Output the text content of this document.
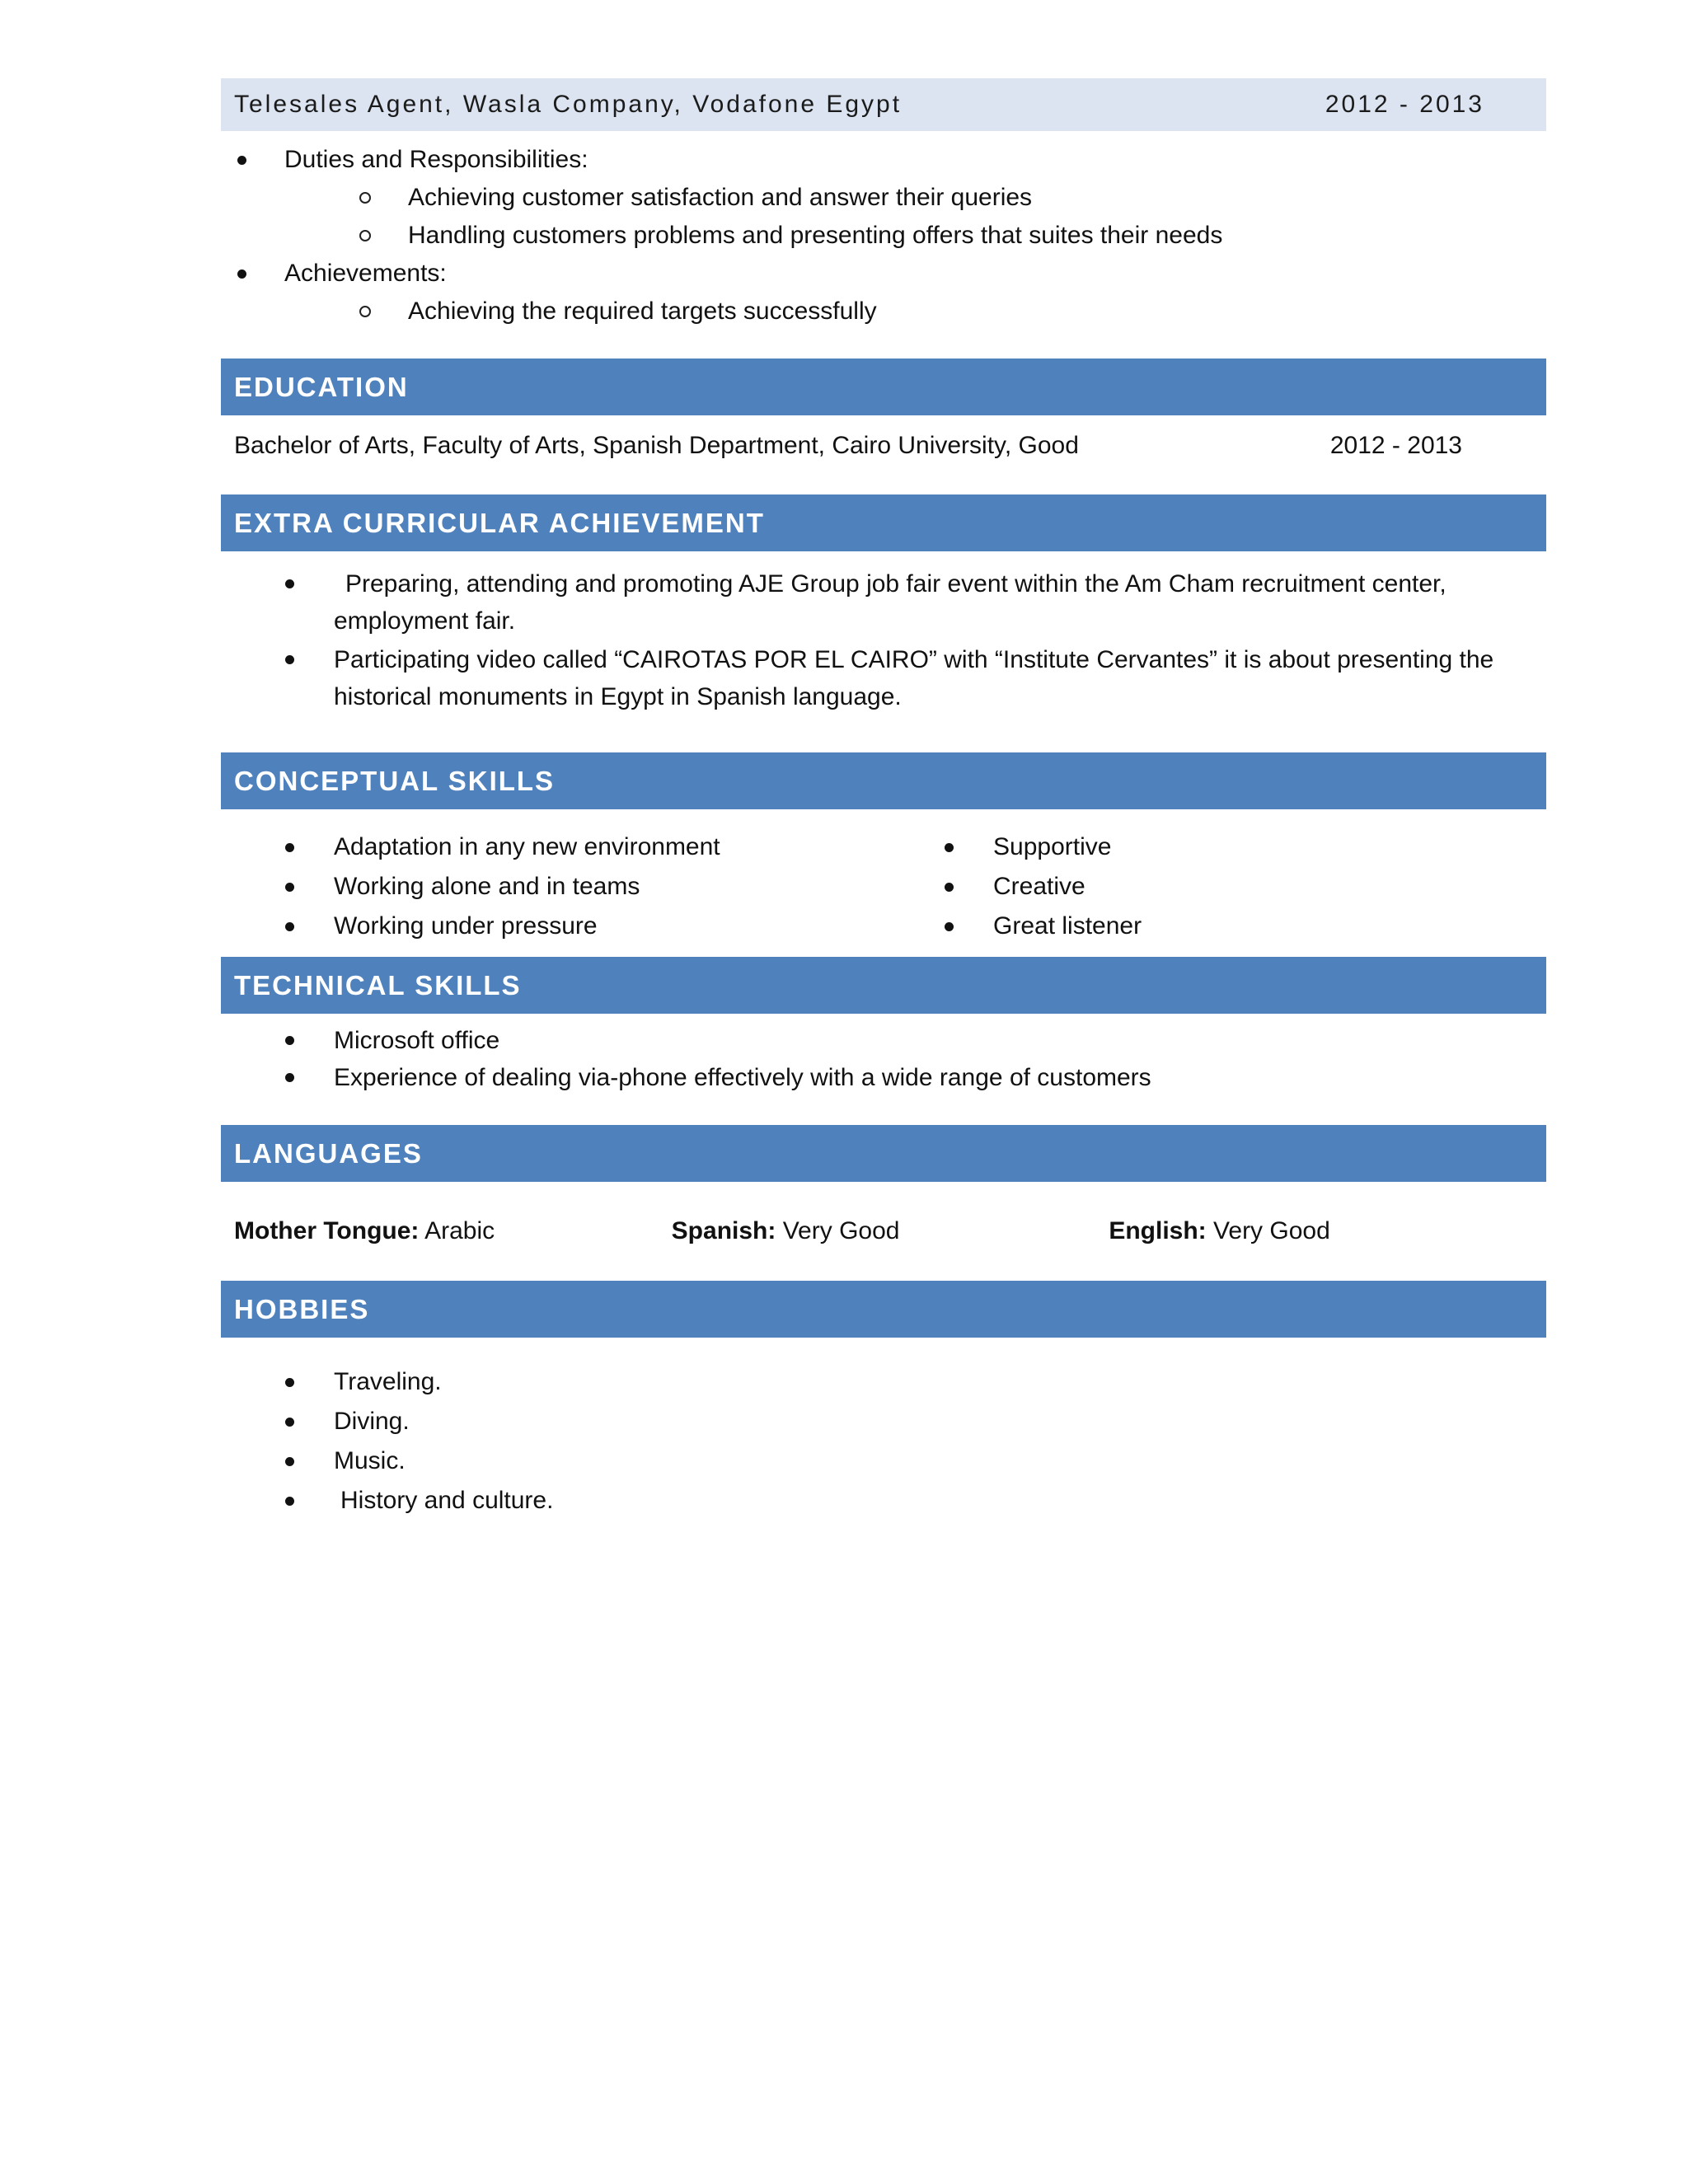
Telesales Agent, Wasla Company, Vodafone Egypt	2012 - 2013
Duties and Responsibilities:
Achieving customer satisfaction and answer their queries
Handling customers problems and presenting offers that suites their needs
Achievements:
Achieving the required targets successfully
EDUCATION
Bachelor of Arts, Faculty of Arts, Spanish Department, Cairo University, Good	2012 - 2013
EXTRA CURRICULAR ACHIEVEMENT
Preparing, attending and promoting AJE Group job fair event within the Am Cham recruitment center, employment fair.
Participating video called “CAIROTAS POR EL CAIRO” with “Institute Cervantes” it is about presenting the historical monuments in Egypt in Spanish language.
CONCEPTUAL SKILLS
Adaptation in any new environment
Working alone and in teams
Working under pressure
Supportive
Creative
Great listener
TECHNICAL SKILLS
Microsoft office
Experience of dealing via-phone effectively with a wide range of customers
LANGUAGES
Mother Tongue: Arabic	Spanish: Very Good	English: Very Good
HOBBIES
Traveling.
Diving.
Music.
History and culture.
